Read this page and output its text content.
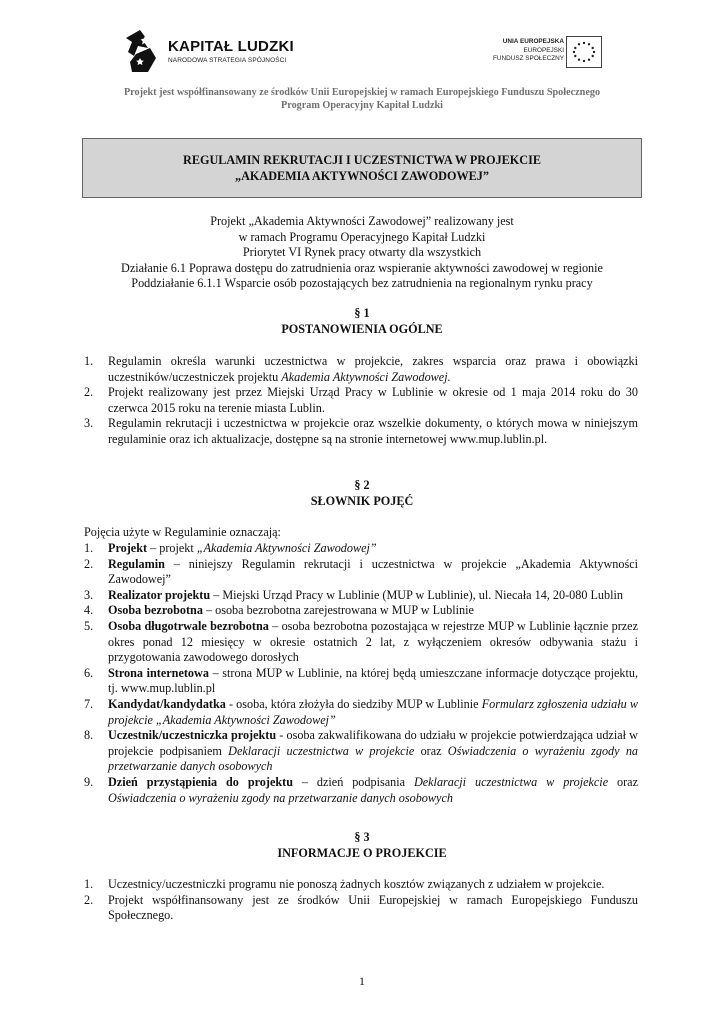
KAPITAŁ LUDZKI
NARODOWA STRATEGIA SPÓJNOŚCI
UNIA EUROPEJSKA
EUROPEJSKI
FUNDUSZ SPOŁECZNY
Projekt jest współfinansowany ze środków Unii Europejskiej w ramach Europejskiego Funduszu Społecznego
Program Operacyjny Kapitał Ludzki
REGULAMIN REKRUTACJI I UCZESTNICTWA W PROJEKCIE
„AKADEMIA AKTYWNOŚCI ZAWODOWEJ”
Projekt „Akademia Aktywności Zawodowej” realizowany jest
w ramach Programu Operacyjnego Kapitał Ludzki
Priorytet VI Rynek pracy otwarty dla wszystkich
Działanie 6.1 Poprawa dostępu do zatrudnienia oraz wspieranie aktywności zawodowej w regionie
Poddziałanie 6.1.1 Wsparcie osób pozostających bez zatrudnienia na regionalnym rynku pracy
§ 1
POSTANOWIENIA OGÓLNE
1. Regulamin określa warunki uczestnictwa w projekcie, zakres wsparcia oraz prawa i obowiązki uczestników/uczestniczek projektu Akademia Aktywności Zawodowej.
2. Projekt realizowany jest przez Miejski Urząd Pracy w Lublinie w okresie od 1 maja 2014 roku do 30 czerwca 2015 roku na terenie miasta Lublin.
3. Regulamin rekrutacji i uczestnictwa w projekcie oraz wszelkie dokumenty, o których mowa w niniejszym regulaminie oraz ich aktualizacje, dostępne są na stronie internetowej www.mup.lublin.pl.
§ 2
SŁOWNIK POJĘĆ
Pojęcia użyte w Regulaminie oznaczają:
1. Projekt – projekt „Akademia Aktywności Zawodowej”
2. Regulamin – niniejszy Regulamin rekrutacji i uczestnictwa w projekcie „Akademia Aktywności Zawodowej”
3. Realizator projektu – Miejski Urząd Pracy w Lublinie (MUP w Lublinie), ul. Niecała 14, 20-080 Lublin
4. Osoba bezrobotna – osoba bezrobotna zarejestrowana w MUP w Lublinie
5. Osoba długotrwale bezrobotna – osoba bezrobotna pozostająca w rejestrze MUP w Lublinie łącznie przez okres ponad 12 miesięcy w okresie ostatnich 2 lat, z wyłączeniem okresów odbywania stażu i przygotowania zawodowego dorosłych
6. Strona internetowa – strona MUP w Lublinie, na której będą umieszczane informacje dotyczące projektu, tj. www.mup.lublin.pl
7. Kandydat/kandydatka - osoba, która złożyła do siedziby MUP w Lublinie Formularz zgłoszenia udziału w projekcie „Akademia Aktywności Zawodowej”
8. Uczestnik/uczestniczka projektu - osoba zakwalifikowana do udziału w projekcie potwierdzająca udział w projekcie podpisaniem Deklaracji uczestnictwa w projekcie oraz Oświadczenia o wyrażeniu zgody na przetwarzanie danych osobowych
9. Dzień przystąpienia do projektu – dzień podpisania Deklaracji uczestnictwa w projekcie oraz Oświadczenia o wyrażeniu zgody na przetwarzanie danych osobowych
§ 3
INFORMACJE O PROJEKCIE
1. Uczestnicy/uczestniczki programu nie ponoszą żadnych kosztów związanych z udziałem w projekcie.
2. Projekt współfinansowany jest ze środków Unii Europejskiej w ramach Europejskiego Funduszu Społecznego.
1
